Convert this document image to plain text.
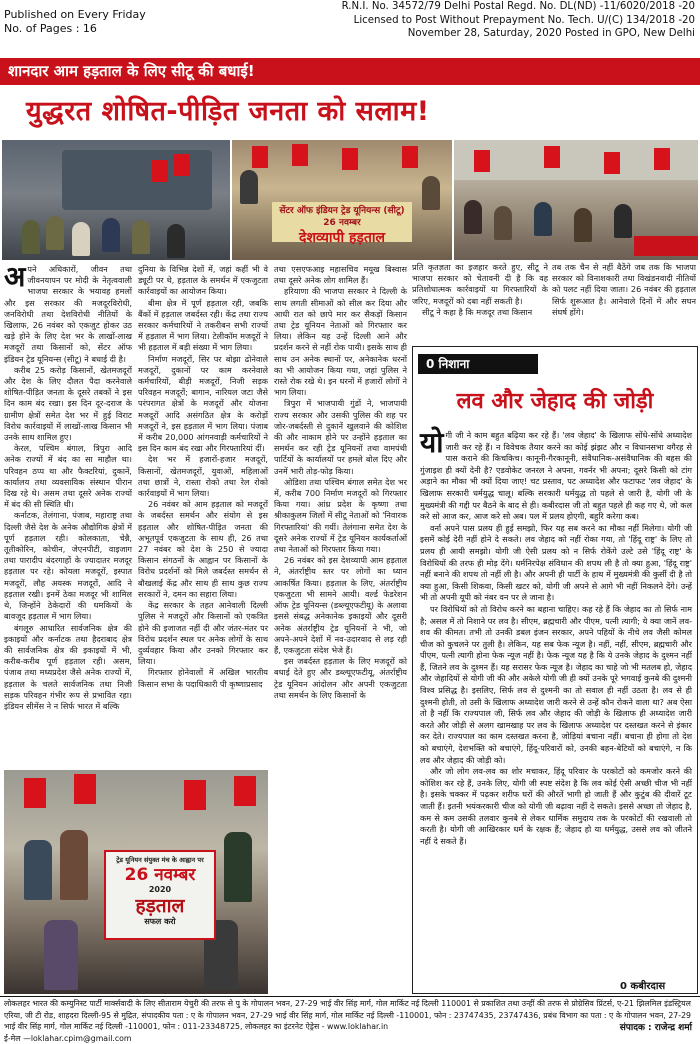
Published on Every Friday
No. of Pages : 16
R.N.I. No. 34572/79 Delhi Postal Regd. No. DL(ND) -11/6020/2018 -20
Licensed to Post Without Prepayment No. Tech. U/(C) 134/2018 -20
November 28, Saturday, 2020 Posted in GPO, New Delhi
शानदार आम हड़ताल के लिए सीटू की बधाई!
युद्धरत शोषित-पीड़ित जनता को सलाम!
सेंटर ऑफ इंडियन ट्रेड यूनियन्स (सीटू)
26 नवम्बर
देशव्यापी हड़ताल

अपने अधिकारों, जीवन तथा जीवनयापन पर मोदी के नेतृत्ववाली भाजपा सरकार के भयावह हमलों और इस सरकार की मजदूरविरोधी, जनविरोधी तथा देशविरोधी नीतियों के खिलाफ, 26 नवंबर को एकजुट होकर उठ खड़े होने के लिए देश भर के लाखों-लाख मजदूरों तथा किसानों को, सेंटर ऑफ इंडियन ट्रेड यूनियन्स (सीटू) ने बधाई दी है।

करीब 25 करोड़ किसानों, खेतमजदूरों और देश के लिए दौलत पैदा करनेवाले शोषित-पीड़ित जनता के दूसरे तबकों ने इस दिन काम बंद रखा। इस दिन दूर-दराज के ग्रामीण क्षेत्रों समेत देश भर में हुई विराट विरोध कार्रवाइयों में लाखों-लाख किसान भी उनके साथ शामिल हुए।

केरल, पश्चिम बंगाल, त्रिपुरा आदि अनेक राज्यों में बंद का सा माहौल था। परिवहन ठप्प था और फैक्टरियां, दुकानें, कार्यालय तथा व्यवसायिक संस्थान पीरान दिख रहे थे। असम तथा दूसरे अनेक राज्यों में बंद की सी स्थिति थी।

कर्नाटक, तेलंगाना, पंजाब, महाराष्ट्र तथा दिल्ली जैसे देश के अनेक औद्योगिक क्षेत्रों में पूर्ण हड़ताल रही। कोलकाता, चेन्नै, तूतीकोरिन, कोचीन, जेएनपीटी, वाइजाग तथा पारादीप बंदरगाहों के ज्यादातर मजदूर हड़ताल पर रहे। कोयला मजदूरों, इस्पात मजदूरों, लौह अयस्क मजदूरों, आदि ने हड़ताल रखी। इनमें ठेका मजदूर भी शामिल थे, जिन्होंने ठेकेदारों की धमकियों के बावजूद हड़ताल में भाग लिया।

बंगलूरु आधारित सार्वजनिक क्षेत्र की इकाइयों और कर्नाटक तथा हैदराबाद क्षेत्र की सार्वजनिक क्षेत्र की इकाइयों में भी, करीब-करीब पूर्ण हड़ताल रही। असम, पंजाब तथा मध्यप्रदेश जैसे अनेक राज्यों में, हड़ताल के चलते सार्वजनिक तथा निजी सड़क परिवहन गंभीर रूप से प्रभावित रहा। इंडियन सीमेंस ने न सिर्फ भारत में बल्कि

दुनिया के विभिन्न देशों में, जहां कहीं भी वे ड्यूटी पर थे, हड़ताल के समर्थन में एकजुटता कार्रवाइयों का आयोजन किया।

बीमा क्षेत्र में पूर्ण हड़ताल रही, जबकि बैंकों में हड़ताल जबर्दस्त रही। केंद्र तथा राज्य सरकार कर्मचारियों ने तकरीबन सभी राज्यों में हड़ताल में भाग लिया। टेलीकॉम मजदूरों ने भी हड़ताल में बड़ी संख्या में भाग लिया।

निर्माण मजदूरों, सिर पर बोझा ढोनेवाले मजदूरों, दुकानों पर काम करनेवाले कर्मचारियों, बीड़ी मजदूरों, निजी सड़क परिवहन मजदूरों; बागान, नारियल जटा जैसे परंपरागत क्षेत्रों के मजदूरों और योजना मजदूरों आदि असंगठित क्षेत्र के करोड़ों मजदूरों ने, इस हड़ताल में भाग लिया। पंजाब में करीब 20,000 आंगनवाड़ी कर्मचारियों ने इस दिन काम बंद रखा और गिरफ्तारियां दीं।

देश भर में हजारों-हजार मजदूरों, किसानों, खेतमजदूरों, युवाओं, महिलाओं तथा छात्रों ने, रास्ता रोको तथा रेल रोको कार्रवाइयों में भाग लिया।

26 नवंबर को आम हड़ताल को मजदूरों के जबर्दस्त समर्थन और संयोग से इस हड़ताल और शोषित-पीड़ित जनता की अभूतपूर्व एकजुटता के साथ ही, 26 तथा 27 नवंबर को देश के 250 से ज्यादा किसान संगठनों के आह्वान पर किसानों के विरोध प्रदर्शनों को मिले जबर्दस्त समर्थन से बौखलाई केंद्र और साथ ही साथ कुछ राज्य सरकारों ने, दमन का सहारा लिया।

केंद्र सरकार के तहत आनेवाली दिल्ली पुलिस ने मजदूरों और किसानों को एकत्रित होने की इजाजत नहीं दी और जंतर-मंतर पर विरोध प्रदर्शन स्थल पर अनेक लोगों के साथ दुर्व्यवहार किया और उनको गिरफ्तार कर लिया।

गिरफ्तार होनेवालों में अखिल भारतीय किसान सभा के पदाधिकारी पी कृष्णाप्रसाद

तथा एसएफआइ महासचिव मयूख बिस्वास तथा दूसरे अनेक लोग शामिल हैं।

हरियाणा की भाजपा सरकार ने दिल्ली के साथ लगती सीमाओं को सील कर दिया और आधी रात को छापे मार कर सैकड़ों किसान तथा ट्रेड यूनियन नेताओं को गिरफ्तार कर लिया। लेकिन यह उन्हें दिल्ली आने और प्रदर्शन करने से नहीं रोक पायी। इसके साथ ही साथ उन अनेक स्थानों पर, अनेकानेक धरनों का भी आयोजन किया गया, जहां पुलिस ने रास्ते रोक रखे थे। इन धरनों में हजारों लोगों ने भाग लिया।

त्रिपुरा में भाजपायी गुंडों ने, भाजपायी राज्य सरकार और उसकी पुलिस की शह पर जोर-जबर्दस्ती से दुकानें खुलवाने की कोशिश की और नाकाम होने पर उन्होंने हड़ताल का समर्थन कर रही ट्रेड यूनियनों तथा वामपंथी पार्टियों के कार्यालयों पर हमले बोल दिए और उनमें भारी तोड़-फोड़ किया।

ओडिशा तथा पश्चिम बंगाल समेत देश भर में, करीब 700 निर्माण मजदूरों को गिरफ्तार किया गया। आंध्र प्रदेश के कृष्णा तथा श्रीकाकुलम जिलों में सीटू नेताओं को 'निवारक गिरफ्तारियां' की गयीं। तेलंगाना समेत देश के दूसरे अनेक राज्यों में ट्रेड यूनियन कार्यकर्ताओं तथा नेताओं को गिरफ्तार किया गया।

26 नवंबर को इस देशव्यापी आम हड़ताल ने, अंतर्राष्ट्रीय स्तर पर लोगों का ध्यान आकर्षित किया। हड़ताल के लिए, अंतर्राष्ट्रीय एकजुटता भी सामने आयी। वर्ल्ड फेडरेशन ऑफ ट्रेड यूनियन्स (डब्ल्यूएफटीयू) के अलावा इससे संबद्ध अनेकानेक इकाइयों और दूसरी अनेक अंतर्राष्ट्रीय ट्रेड यूनियनों ने भी, जो अपने-अपने देशों में नव-उदारवाद से लड़ रही हैं, एकजुटता संदेश भेजे हैं।

इस जबर्दस्त हड़ताल के लिए मजदूरों को बधाई देते हुए और डब्ल्यूएफटीयू, अंतर्राष्ट्रीय ट्रेड यूनियन आंदोलन और अपनी एकजुटता तथा समर्थन के लिए किसानों के

प्रति कृतज्ञता का इजहार करते हुए, सीटू ने भाजपा सरकार को चेतावनी दी है कि वह प्रतिशोधात्मक कार्रवाइयों या गिरफ्तारियों के जरिए, मजदूरों को दबा नहीं सकती है।

सीटू ने कहा है कि मजदूर तथा किसान

तब तक चैन से नहीं बैठेंगे जब तक कि भाजपा सरकार को विनाशकारी तथा विखंडनवादी नीतियों को पलट नहीं दिया जाता। 26 नवंबर की हड़ताल सिर्फ शुरूआत है। आनेवाले दिनों में और सघन संघर्ष होंगे।

ट्रेड यूनियन संयुक्त मंच के आह्वान पर
26 नवम्बर
2020
हड़ताल
सफल करो
0 निशाना
लव और जेहाद की जोड़ी

योगी जी ने काम बहुत बढ़िया कर रहे हैं। 'लव जेहाद' के खिलाफ सोंधे-सोंधे अध्यादेश जारी कर रहे हैं। न विवेचक तैयार करने का कोई झंझट और न विधानसभा वगैरह से पास कराने की किचकिच। कानूनी-गैरकानूनी, संवैधानिक-असंवैधानिक की बहस की गुंजाइश ही क्यों देनी है? एडवोकेट जनरल ने अपना, गवर्नर भी अपना; दूसरे किसी को टांग अड़ाने का मौका भी क्यों दिया जाए! चट प्रस्ताव, पट अध्यादेश और फटाफट 'लव जेहाद' के खिलाफ सरकारी धर्मयुद्ध चालू। बल्कि सरकारी धर्मयुद्ध तो पहले से जारी है, योगी जी के मुख्यमंत्री की गद्दी पर बैठने के बाद से ही। कबीरदास जी तो बहुत पहले ही कह गए थे, जो कल करे सो आज कर, आज करे सो अब। पल में प्रलय होएगी, बहुरि करेगा कब।

वर्ना अपने पास प्रलय ही हुई समझो, फिर यह सब करने का मौका नहीं मिलेगा। योगी जी इसमें कोई देरी नहीं होने दे सकते। लव जेहाद को नहीं रोका गया, तो 'हिंदू राष्ट्र' के लिए तो प्रलय ही आयी समझो। योगी जी ऐसी प्रलय को न सिर्फ रोकेंगे उल्टे उसे 'हिंदू राष्ट्र' के विरोधियों की तरफ ही मोड़ देंगे। धर्मनिरपेक्ष संविधान की शपथ ली है तो क्या हुआ, 'हिंदू राष्ट्र' नहीं बनाने की शपथ तो नहीं ली है। और अपनी ही पार्टी के हाथ में मुख्यमंत्री की कुर्सी दी है तो क्या हुआ, किसी शिकवा, किसी खटर को, योगी जी अपने से आगे भी नहीं निकलने देंगे। उन्हें भी तो अपनी यूपी को नंबर वन पर ले जाना है।

पर विरोधियों को तो विरोध करने का बहाना चाहिए। कह रहे हैं कि जेहाद का तो सिर्फ नाम है; असल में तो निशाने पर लव है। सीएम, ब्रह्मचारी और पीएम, पत्नी त्यागी; ये क्या जानें लव-शव की कीमत। तभी तो उनकी डबल इंजन सरकार, अपने पहियों के नीचे लव जैसी कोमल चीज को कुचलने पर तुली है। लेकिन, यह सब फेक न्यूज है। नहीं, नहीं, सीएम, ब्रह्मचारी और पीएम, पत्नी त्यागी होना फेक न्यूज नहीं है। फेक न्यूज यह है कि ये उनके जेहाद के दुश्मन नहीं हैं, जितने लव के दुश्मन हैं। यह सरासर फेक न्यूज है। जेहाद का चाहे जो भी मतलब हो, जेहाद और जेहादियों से योगी जी की और अकेले योगी जी ही क्यों उनके पूरे भगवाई कुनबे की दुश्मनी विश्व प्रसिद्ध है। इसलिए, सिर्फ लव से दुश्मनी का तो सवाल ही नहीं उठता है। लव से ही दुश्मनी होती, तो उसी के खिलाफ अध्यादेश जारी करने से उन्हें कौन रोकने वाला था? अब ऐसा तो है नहीं कि राज्यपाल जी, सिर्फ लव और जेहाद की जोड़ी के खिलाफ ही अध्यादेश जारी करते और जोड़ी से अलग खामखाह पर लव के खिलाफ अध्यादेश पर दस्तखत करने से इंकार कर देते। राज्यपाल का काम दस्तखत करना है, जोड़ियां बचाना नहीं। बचाना ही होगा तो देश को बचाएंगे, देशभक्ति को बचाएंगे, हिंदू-परिवारों को, उनकी बहन-बेटियों को बचाएंगे, न कि लव और जेहाद की जोड़ी को।

और जो लोग लव-लव का शोर मचाकर, हिंदू परिवार के परकोटों को कमजोर करने की कोशिश कर रहे हैं, उनके लिए, योगी जी स्पष्ट संदेश है कि लव कोई ऐसी अच्छी चीज भी नहीं है। इसके चक्कर में पढ़कर शरीफ घरों की औरतें भागी हो जाती हैं और कुटुंब की दीवारें टूट जाती हैं। इतनी भयंकरकारी चीज को योगी जी बढ़ावा नहीं दे सकते। इससे अच्छा तो जेहाद है, कम से कम उसकी तलवार कुनबे से लेकर धार्मिक समुदाय तक के परकोटों की रखवाली तो करती है। योगी जी आखिरकार धर्म के रक्षक हैं; जेहाद हो या धर्मयुद्ध, उससे लव को जीतने नहीं दे सकते हैं।

0 कबीरदास
लोकलहर भारत की कम्युनिस्ट पार्टी मार्क्सवादी के लिए सीताराम येचुरी की तरफ से पु के गोपालन भवन, 27-29 भाई वीर सिंह मार्ग, गोल मार्किट नई दिल्ली 110001 से प्रकाशित तथा उन्हीं की तरफ से प्रोग्रेसिव प्रिंटर्स, ए-21 झिलमिल इंडस्ट्रियल एरिया, जी टी रोड, शाहदरा दिल्ली-95 से मुद्रित, संपादकीय पता : ए के गोपालन भवन, 27-29 भाई वीर सिंह मार्ग, गोल मार्किट नई दिल्ली -110001, फोन : 23747435, 23747436, प्रबंध विभाग का पता : ए के गोपालन भवन, 27-29 भाई वीर सिंह मार्ग, गोल मार्किट नई दिल्ली -110001, फोन : 011-23348725, लोकलहर का इंटरनेट ऐड्रेस - www.loklahar.in
ई-मेल —loklahar.cpim@gmail.com
संपादक : राजेन्द्र शर्मा
